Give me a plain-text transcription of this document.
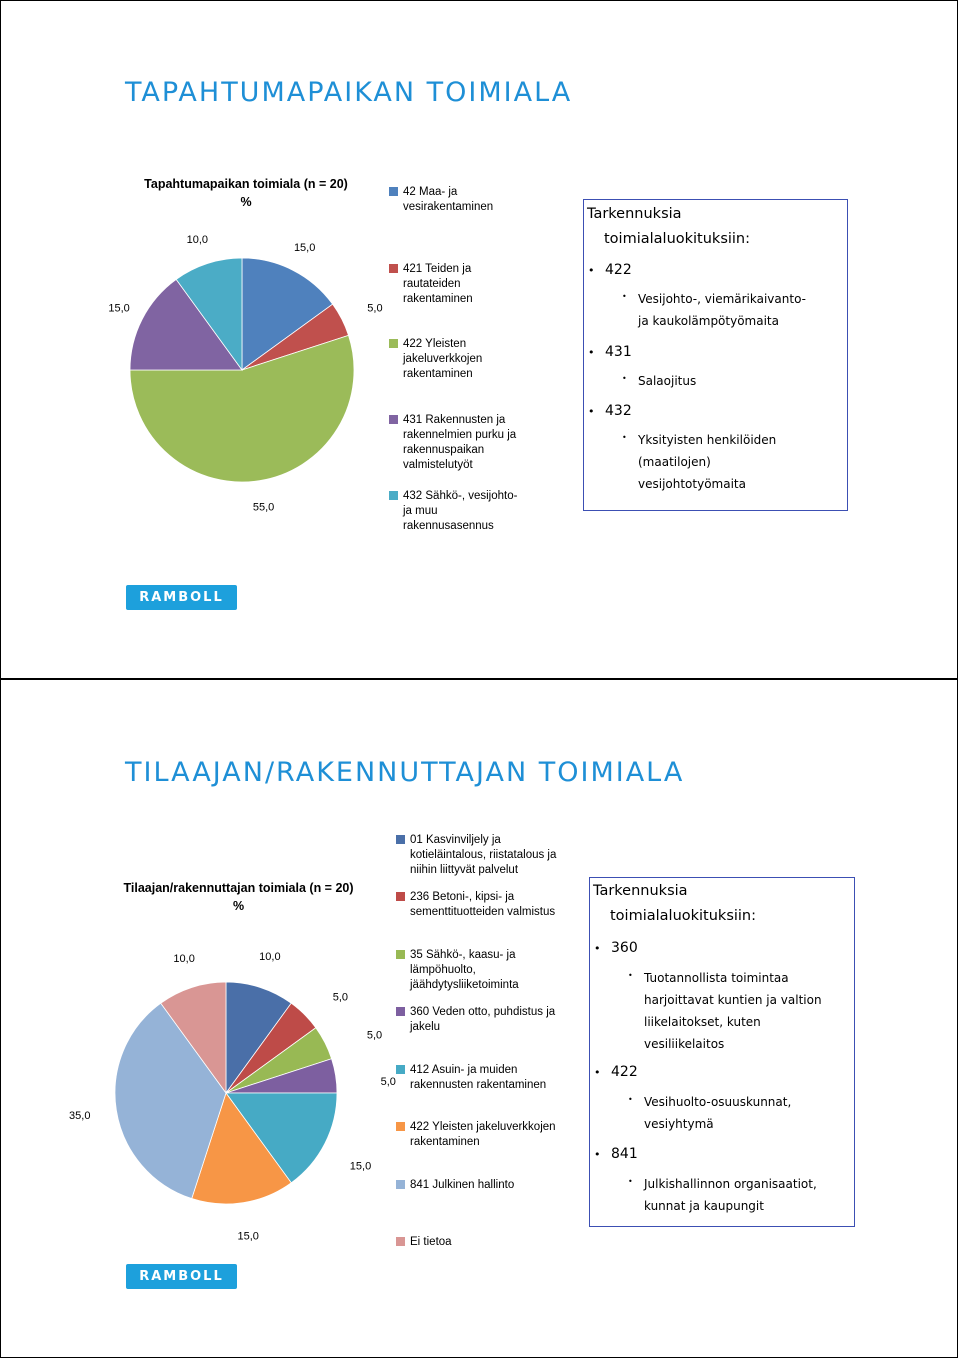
TAPAHTUMAPAIKAN TOIMIALA
Tapahtumapaikan toimiala (n = 20)
%
15,0
5,0
55,0
15,0
10,0
42 Maa- ja
vesirakentaminen
421 Teiden ja
rautateiden
rakentaminen
422 Yleisten
jakeluverkkojen
rakentaminen
431 Rakennusten ja
rakennelmien purku ja
rakennuspaikan
valmistelutyöt
432 Sähkö-, vesijohto-
ja muu
rakennusasennus
Tarkennuksia
toimialaluokituksiin:
• 422
• Vesijohto-, viemärikaivanto-
ja kaukolämpötyömaita
• 431
• Salaojitus
• 432
• Yksityisten henkilöiden
(maatilojen)
vesijohtotyömaita
RAMBOLL
TILAAJAN/RAKENNUTTAJAN TOIMIALA
Tilaajan/rakennuttajan toimiala (n = 20)
%
10,0
5,0
5,0
5,0
15,0
15,0
35,0
10,0
01 Kasvinviljely ja
kotieläintalous, riistatalous ja
niihin liittyvät palvelut
236 Betoni-, kipsi- ja
sementtituotteiden valmistus
35 Sähkö-, kaasu- ja
lämpöhuolto,
jäähdytysliiketoiminta
360 Veden otto, puhdistus ja
jakelu
412 Asuin- ja muiden
rakennusten rakentaminen
422 Yleisten jakeluverkkojen
rakentaminen
841 Julkinen hallinto
Ei tietoa
Tarkennuksia
toimialaluokituksiin:
• 360
• Tuotannollista toimintaa
harjoittavat kuntien ja valtion
liikelaitokset, kuten
vesiliikelaitos
• 422
• Vesihuolto-osuuskunnat,
vesiyhtymä
• 841
• Julkishallinnon organisaatiot,
kunnat ja kaupungit
RAMBOLL
